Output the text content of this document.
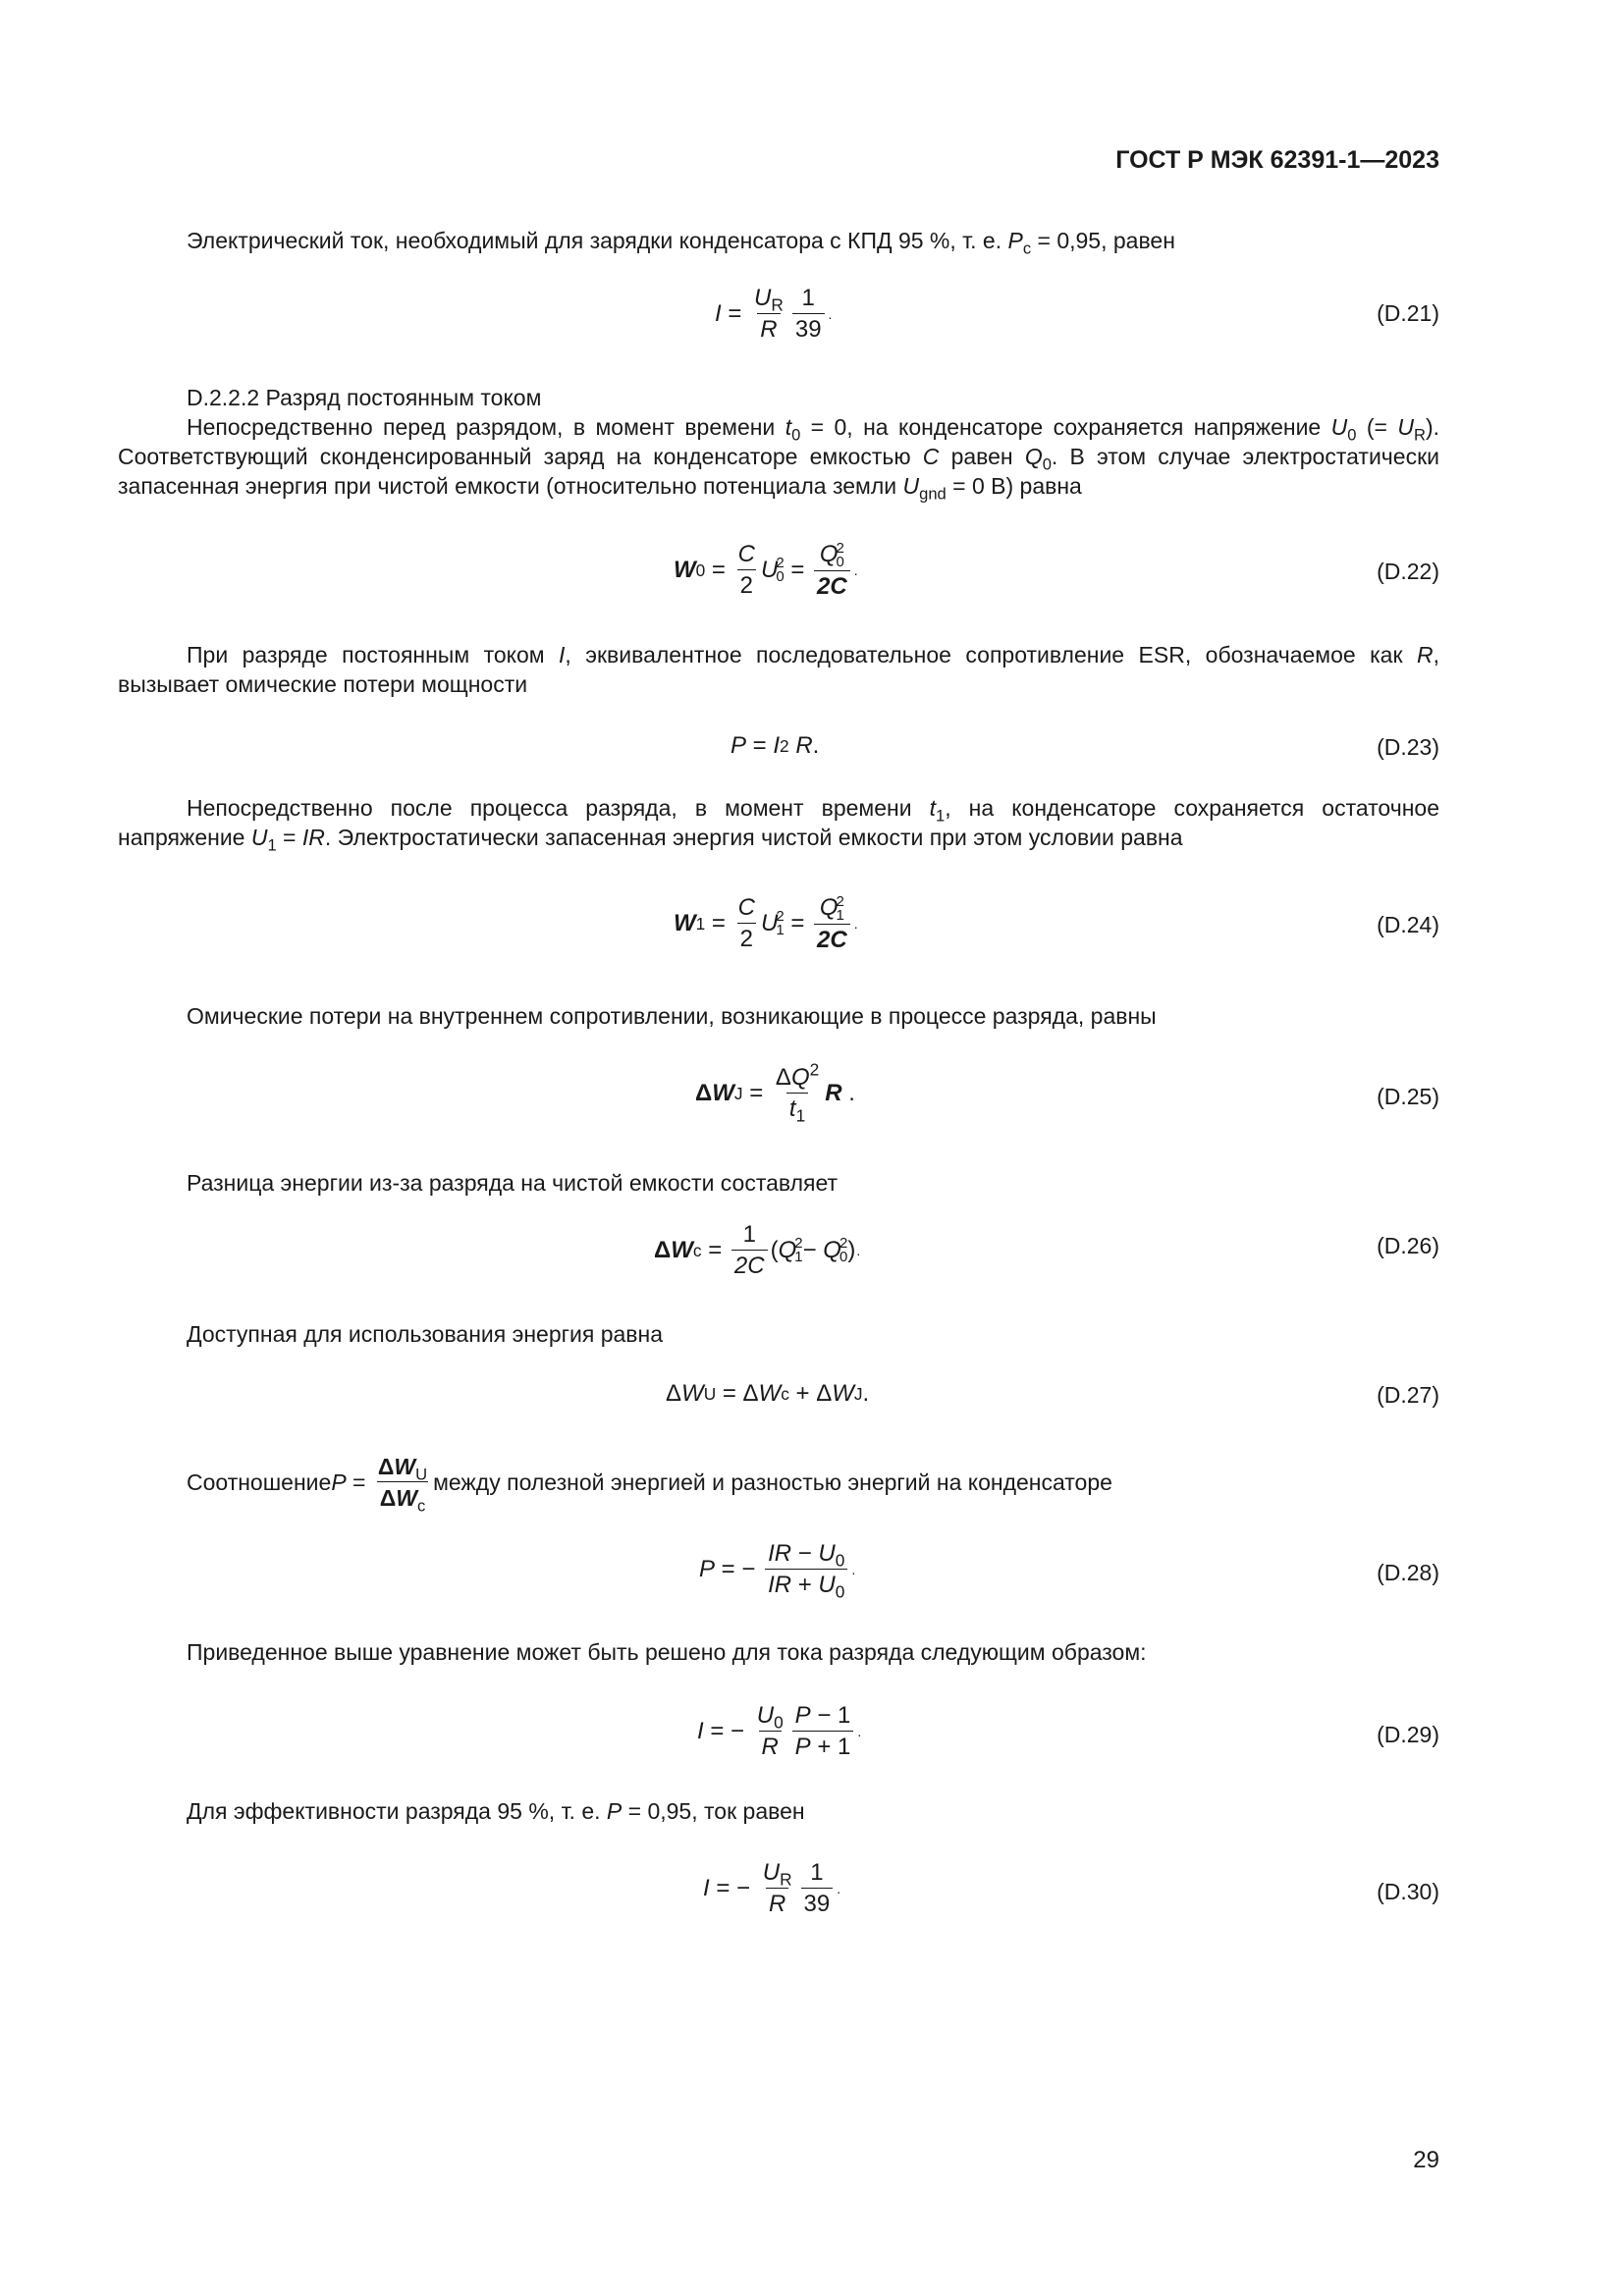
ГОСТ Р МЭК 62391-1—2023
Электрический ток, необходимый для зарядки конденсатора с КПД 95 %, т. е. $P_c = 0,95$, равен
$I = \frac{U_R}{R} \frac{1}{39}$ .	(D.21)
D.2.2.2 Разряд постоянным током
Непосредственно перед разрядом, в момент времени $t_0 = 0$, на конденсаторе сохраняется напряжение $U_0$ (= $U_R$). Соответствующий сконденсированный заряд на конденсаторе емкостью C равен $Q_0$. В этом случае электростатически запасенная энергия при чистой емкости (относительно потенциала земли $U_{gnd} = 0$ В) равна
W $0 = \frac{C}{2}$ U
2
0 = Q
2
0
2C .	(D.22)
При разряде постоянным током I, эквивалентное последовательное сопротивление ESR, обозначаемое как R, вызывает омические потери мощности
P = I 2
R .	(D.23)
Непосредственно после процесса разряда, в момент времени $t_1$, на конденсаторе сохраняется остаточное напряжение $U_1$ = IR. Электростатически запасенная энергия чистой емкости при этом условии равна
W $1 = \frac{C}{2}$ U
2
1 = Q
2
1
2C .	(D.24)
Омические потери на внутреннем сопротивлении, возникающие в процессе разряда, равны
Δ W $J = \frac{\Delta Q^2}{t_1}$ R
.	(D.25)
Разница энергии из-за разряда на чистой емкости составляет
Δ W $c = \frac{1}{2C}$ ( Q
2
1 −
Q
2
0 ) .	(D.26)
Доступная для использования энергия равна
Δ W U = Δ W c + Δ W J .	(D.27)
Соотношение $P = \frac{\Delta W_U}{\Delta W_c}$ между полезной энергией и разностью энергий на конденсаторе
P = −
$\frac{IR - U_0}{IR + U_0}$ .	(D.28)
Приведенное выше уравнение может быть решено для тока разряда следующим образом:
I = −
$\frac{U_0}{R} \frac{P - 1}{P + 1}$ .	(D.29)
Для эффективности разряда 95 %, т. е. P = 0,95, ток равен
I = −
$\frac{U_R}{R} \frac{1}{39}$ .	(D.30)
29
